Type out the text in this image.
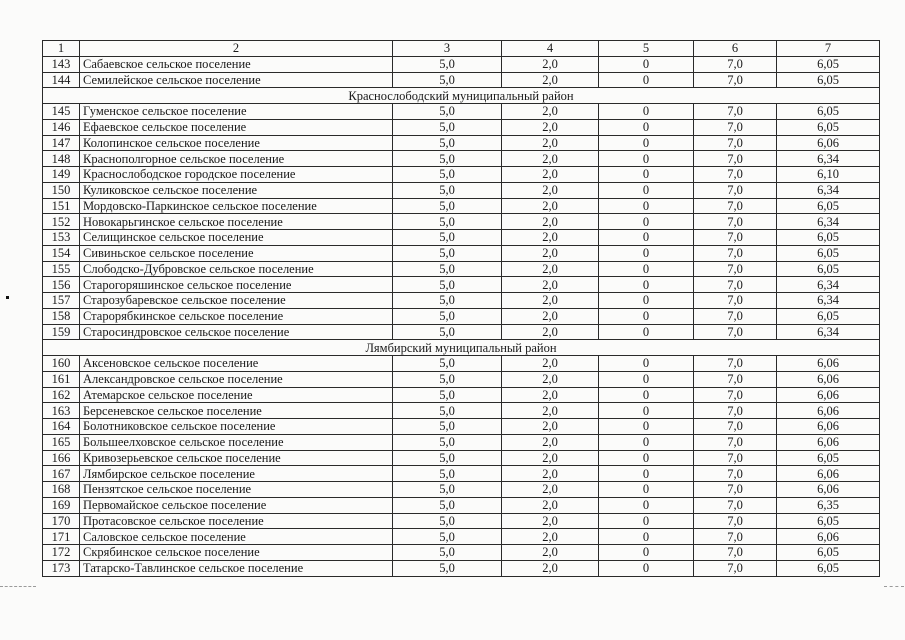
1	2	3	4	5	6	7
143	Сабаевское сельское поселение	5,0	2,0	0	7,0	6,05
144	Семилейское сельское поселение	5,0	2,0	0	7,0	6,05
Краснослободский муниципальный район						
145	Гуменское сельское поселение	5,0	2,0	0	7,0	6,05
146	Ефаевское сельское поселение	5,0	2,0	0	7,0	6,05
147	Колопинское сельское поселение	5,0	2,0	0	7,0	6,06
148	Краснополгорное сельское поселение	5,0	2,0	0	7,0	6,34
149	Краснослободское городское поселение	5,0	2,0	0	7,0	6,10
150	Куликовское сельское поселение	5,0	2,0	0	7,0	6,34
151	Мордовско-Паркинское сельское поселение	5,0	2,0	0	7,0	6,05
152	Новокарьгинское сельское поселение	5,0	2,0	0	7,0	6,34
153	Селищинское сельское поселение	5,0	2,0	0	7,0	6,05
154	Сивиньское сельское поселение	5,0	2,0	0	7,0	6,05
155	Слободско-Дубровское сельское поселение	5,0	2,0	0	7,0	6,05
156	Старогоряшинское сельское поселение	5,0	2,0	0	7,0	6,34
157	Старозубаревское сельское поселение	5,0	2,0	0	7,0	6,34
158	Старорябкинское сельское поселение	5,0	2,0	0	7,0	6,05
159	Старосиндровское сельское поселение	5,0	2,0	0	7,0	6,34
Лямбирский муниципальный район						
160	Аксеновское сельское поселение	5,0	2,0	0	7,0	6,06
161	Александровское сельское поселение	5,0	2,0	0	7,0	6,06
162	Атемарское сельское поселение	5,0	2,0	0	7,0	6,06
163	Берсеневское сельское поселение	5,0	2,0	0	7,0	6,06
164	Болотниковское сельское поселение	5,0	2,0	0	7,0	6,06
165	Большеелховское сельское поселение	5,0	2,0	0	7,0	6,06
166	Кривозерьевское сельское поселение	5,0	2,0	0	7,0	6,05
167	Лямбирское сельское поселение	5,0	2,0	0	7,0	6,06
168	Пензятское сельское поселение	5,0	2,0	0	7,0	6,06
169	Первомайское сельское поселение	5,0	2,0	0	7,0	6,35
170	Протасовское сельское поселение	5,0	2,0	0	7,0	6,05
171	Саловское сельское поселение	5,0	2,0	0	7,0	6,06
172	Скрябинское сельское поселение	5,0	2,0	0	7,0	6,05
173	Татарско-Тавлинское сельское поселение	5,0	2,0	0	7,0	6,05
